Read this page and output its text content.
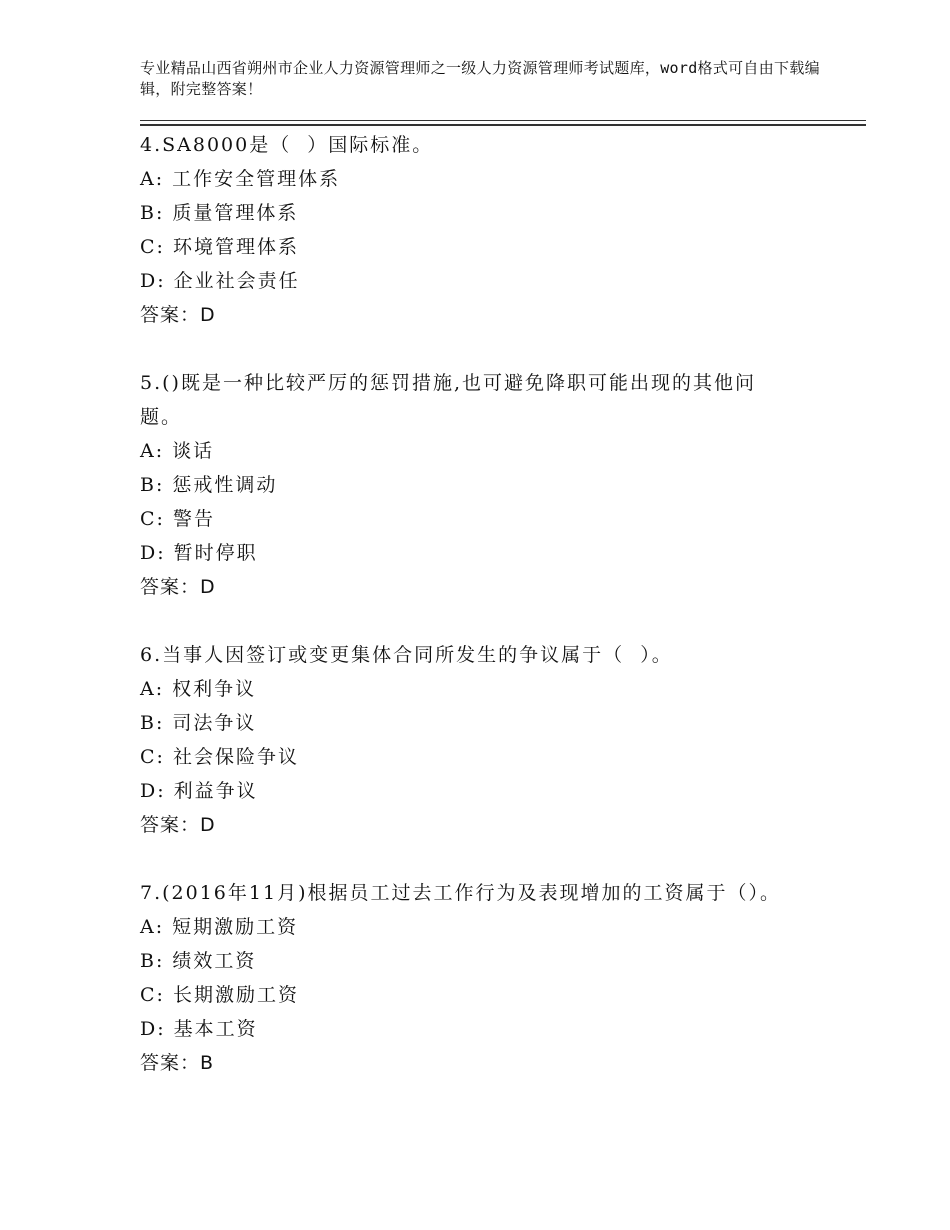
专业精品山西省朔州市企业人力资源管理师之一级人力资源管理师考试题库，word格式可自由下载编辑，附完整答案！
4.SA8000是（  ）国际标准。
A: 工作安全管理体系
B: 质量管理体系
C: 环境管理体系
D: 企业社会责任
答案：D
5.()既是一种比较严厉的惩罚措施,也可避免降职可能出现的其他问题。
A: 谈话
B: 惩戒性调动
C: 警告
D: 暂时停职
答案：D
6.当事人因签订或变更集体合同所发生的争议属于（  ）。
A: 权利争议
B: 司法争议
C: 社会保险争议
D: 利益争议
答案：D
7.(2016年11月)根据员工过去工作行为及表现增加的工资属于（）。
A: 短期激励工资
B: 绩效工资
C: 长期激励工资
D: 基本工资
答案：B
